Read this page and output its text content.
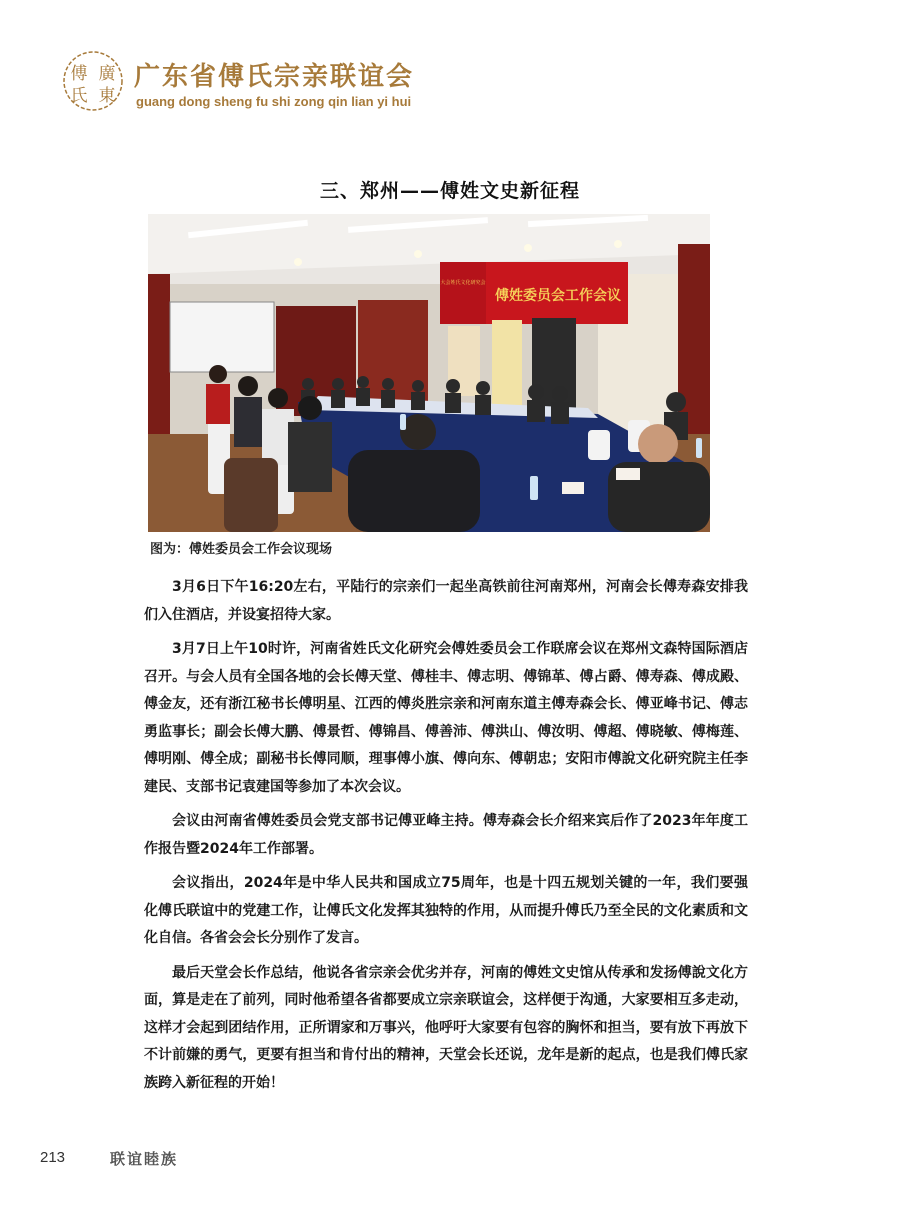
傅 廣
氏 東
广东省傅氏宗亲联谊会
guang dong sheng fu shi zong qin lian yi hui
三、郑州——傅姓文史新征程
傅姓委员会工作会议
大会姓氏文化研究会
图为：傅姓委员会工作会议现场

3月6日下午16:20左右，平陆行的宗亲们一起坐高铁前往河南郑州，河南会长傅寿森安排我们入住酒店，并设宴招待大家。

3月7日上午10时许，河南省姓氏文化研究会傅姓委员会工作联席会议在郑州文森特国际酒店召开。与会人员有全国各地的会长傅天堂、傅桂丰、傅志明、傅锦革、傅占爵、傅寿森、傅成殿、傅金友，还有浙江秘书长傅明星、江西的傅炎胜宗亲和河南东道主傅寿森会长、傅亚峰书记、傅志勇监事长；副会长傅大鹏、傅景哲、傅锦昌、傅善沛、傅洪山、傅汝明、傅超、傅晓敏、傅梅莲、傅明刚、傅全成；副秘书长傅同顺，理事傅小旗、傅向东、傅朝忠；安阳市傅說文化研究院主任李建民、支部书记袁建国等参加了本次会议。

会议由河南省傅姓委员会党支部书记傅亚峰主持。傅寿森会长介绍来宾后作了2023年年度工作报告暨2024年工作部署。

会议指出，2024年是中华人民共和国成立75周年，也是十四五规划关键的一年，我们要强化傅氏联谊中的党建工作，让傅氏文化发挥其独特的作用，从而提升傅氏乃至全民的文化素质和文化自信。各省会会长分别作了发言。

最后天堂会长作总结，他说各省宗亲会优劣并存，河南的傅姓文史馆从传承和发扬傅說文化方面，算是走在了前列，同时他希望各省都要成立宗亲联谊会，这样便于沟通，大家要相互多走动，这样才会起到团结作用，正所谓家和万事兴，他呼吁大家要有包容的胸怀和担当，要有放下再放下不计前嫌的勇气，更要有担当和肯付出的精神，天堂会长还说，龙年是新的起点，也是我们傅氏家族跨入新征程的开始！

213	联谊睦族
